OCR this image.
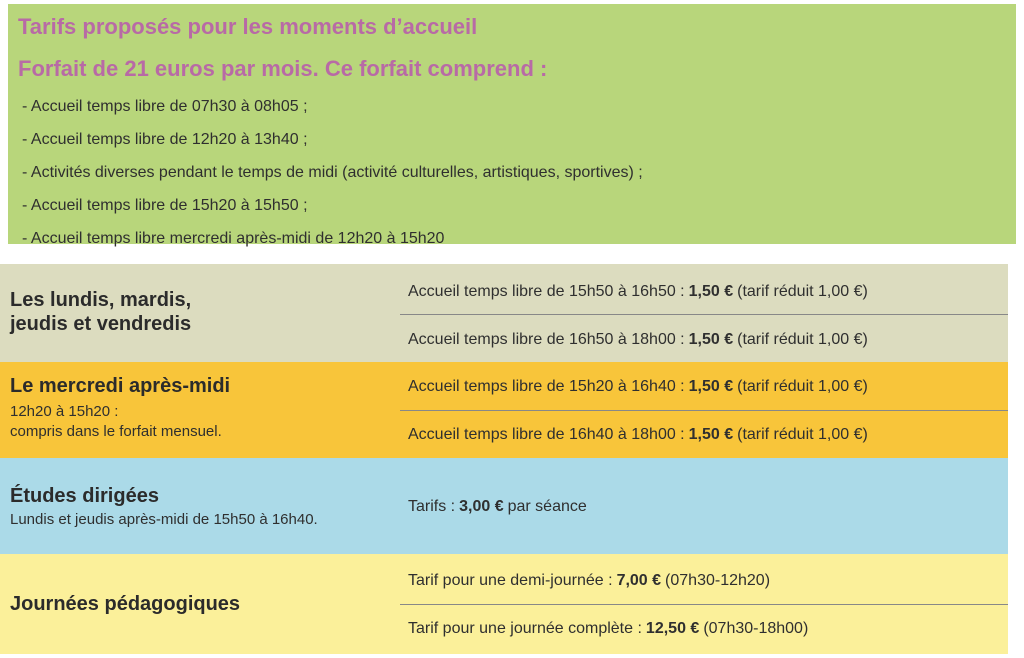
Tarifs proposés pour les moments d’accueil
Forfait de 21 euros par mois. Ce forfait comprend :
- Accueil temps libre de 07h30 à 08h05 ;
- Accueil temps libre de 12h20 à 13h40 ;
- Activités diverses pendant le temps de midi (activité culturelles, artistiques, sportives) ;
- Accueil temps libre de 15h20 à 15h50 ;
- Accueil temps libre mercredi après-midi de 12h20 à 15h20
Les lundis, mardis,
jeudis et vendredis
Accueil temps libre de 15h50 à 16h50 : 1,50 € (tarif réduit 1,00 €)
Accueil temps libre de 16h50 à 18h00 : 1,50 € (tarif réduit 1,00 €)
Le mercredi après-midi
12h20 à 15h20 :
compris dans le forfait mensuel.
Accueil temps libre de 15h20 à 16h40 : 1,50 € (tarif réduit 1,00 €)
Accueil temps libre de 16h40 à 18h00 : 1,50 € (tarif réduit 1,00 €)
Études dirigées
Lundis et jeudis après-midi de 15h50 à 16h40.
Tarifs : 3,00 € par séance
Journées pédagogiques
Tarif pour une demi-journée : 7,00 € (07h30-12h20)
Tarif pour une journée complète : 12,50 € (07h30-18h00)
